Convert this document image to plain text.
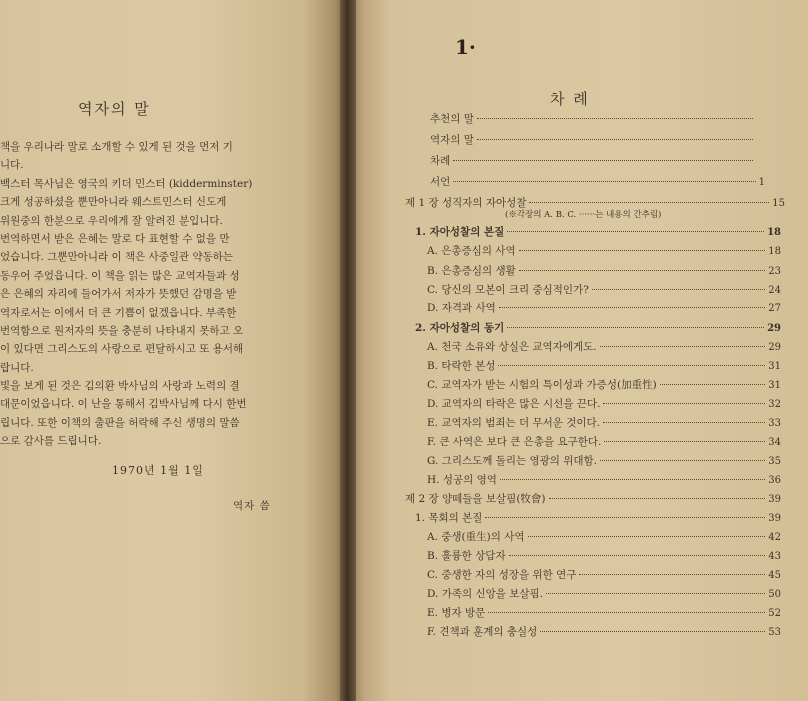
역자의 말
책을 우리나라 말로 소개할 수 있게 된 것을 먼저 기
니다.
백스터 목사님은 영국의 키더 민스터 (kidderminster)
크게 성공하셨을 뿐만아니라 웨스트민스터 신도게
위원중의 한분으로 우리에게 잘 알려진 분입니다.
번역하면서 받은 은혜는 말로 다 표현할 수 없을 만
었습니다. 그뿐만아니라 이 책은 사중일관 약동하는
동우어 주었읍니다. 이 책을 읽는 많은 교역자들과 성
은 은혜의 자리에 들어가서 저자가 뜻했던 감명을 받
역자로서는 이에서 더 큰 기쁨이 없겠읍니다. 부족한
번역함으로 원저자의 뜻을 충분히 나타내지 못하고 오
이 있다면 그리스도의 사랑으로 편달하시고 또 용서해
랍니다.
빛을 보게 된 것은 김의환 박사님의 사랑과 노력의 결
대문이었읍니다. 이 난을 통해서 김박사님께 다시 한번
립니다. 또한 이책의 출판을 허락해 주신 생명의 말씀
으로 감사를 드립니다.
1970년 1월 1일
역자 씀
1·
차 례
(※각장의 A. B. C. ······는 내용의 간추림)
추천의 말
역자의 말
차례
서언	1
제 1 장 성직자의 자아성찰	15
1. 자아성찰의 본질	18
A. 은총증심의 사역	18
B. 은총증심의 생활	23
C. 당신의 모본이 크리 중심적인가?	24
D. 자격과 사역	27
2. 자아성찰의 동기	29
A. 천국 소유와 상실은 교역자에게도.	29
B. 타락한 본성	31
C. 교역자가 받는 시험의 특이성과 가증성(加重性)	31
D. 교역자의 타락은 많은 시선을 끈다.	32
E. 교역자의 범죄는 더 무서운 것이다.	33
F. 큰 사역은 보다 큰 은총을 요구한다.	34
G. 그리스도께 돌리는 영광의 위대함.	35
H. 성공의 영역	36
제 2 장 양떼들을 보살핌(牧會)	39
1. 목회의 본질	39
A. 중생(重生)의 사역	42
B. 훌륭한 상담자	43
C. 중생한 자의 성장을 위한 연구	45
D. 가족의 신앙을 보살핌.	50
E. 병자 방문	52
F. 견책과 훈계의 충실성	53
